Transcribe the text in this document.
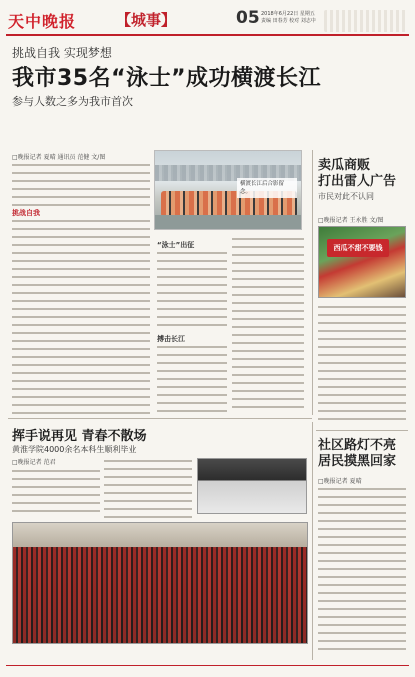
天中晚报	【城事】	05 2018年6月22日 星期五 责编 田春芳 校对 刘志中
挑战自我 实现梦想
我市35名“泳士”成功横渡长江
参与人数之多为我市首次
□晚报记者 夏晴 通讯员 范健 文/图
横渡长江后合影留念。
挑战自我
“泳士”出征
搏击长江
卖瓜商贩
打出雷人广告
市民对此不认同
□晚报记者 王永胜 文/图
西瓜不甜不要钱
社区路灯不亮
居民摸黑回家
□晚报记者 夏晴
挥手说再见 青春不散场
黄淮学院4000余名本科生顺利毕业
□晚报记者 范君
